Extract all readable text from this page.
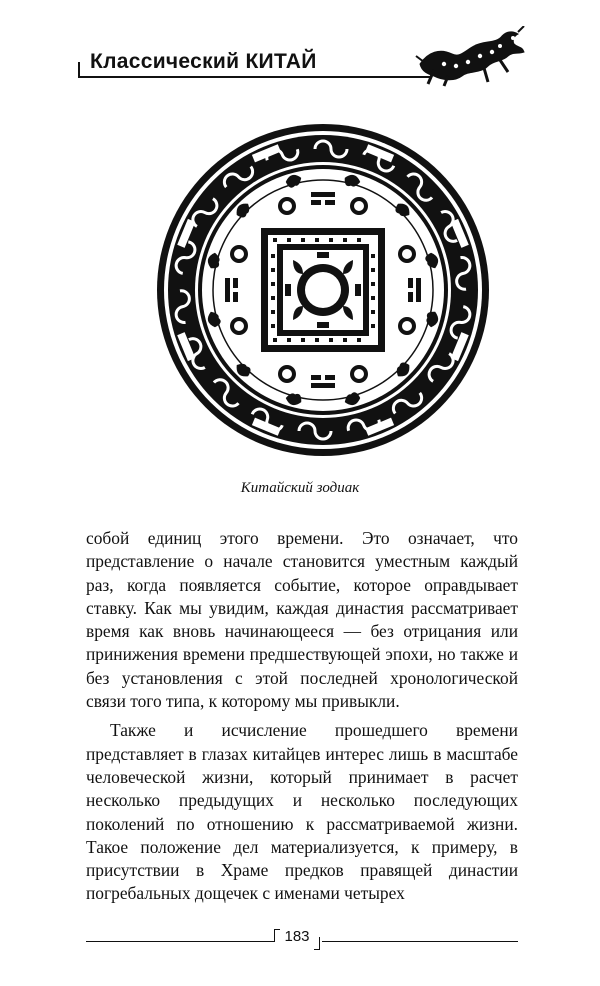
Классический КИТАЙ
Китайский зодиак

собой единиц этого времени. Это означает, что представление о начале становится уместным каждый раз, когда появляется событие, которое оправдывает ставку. Как мы увидим, каждая династия рассматривает время как вновь начинающееся — без отрицания или принижения времени предшествующей эпохи, но также и без установления с этой последней хронологической связи того типа, к которому мы привыкли.

Также и исчисление прошедшего времени представляет в глазах китайцев интерес лишь в масштабе человеческой жизни, который принимает в расчет несколько предыдущих и несколько последующих поколений по отношению к рассматриваемой жизни. Такое положение дел материализуется, к примеру, в присутствии в Храме предков правящей династии погребальных дощечек с именами четырех

183
